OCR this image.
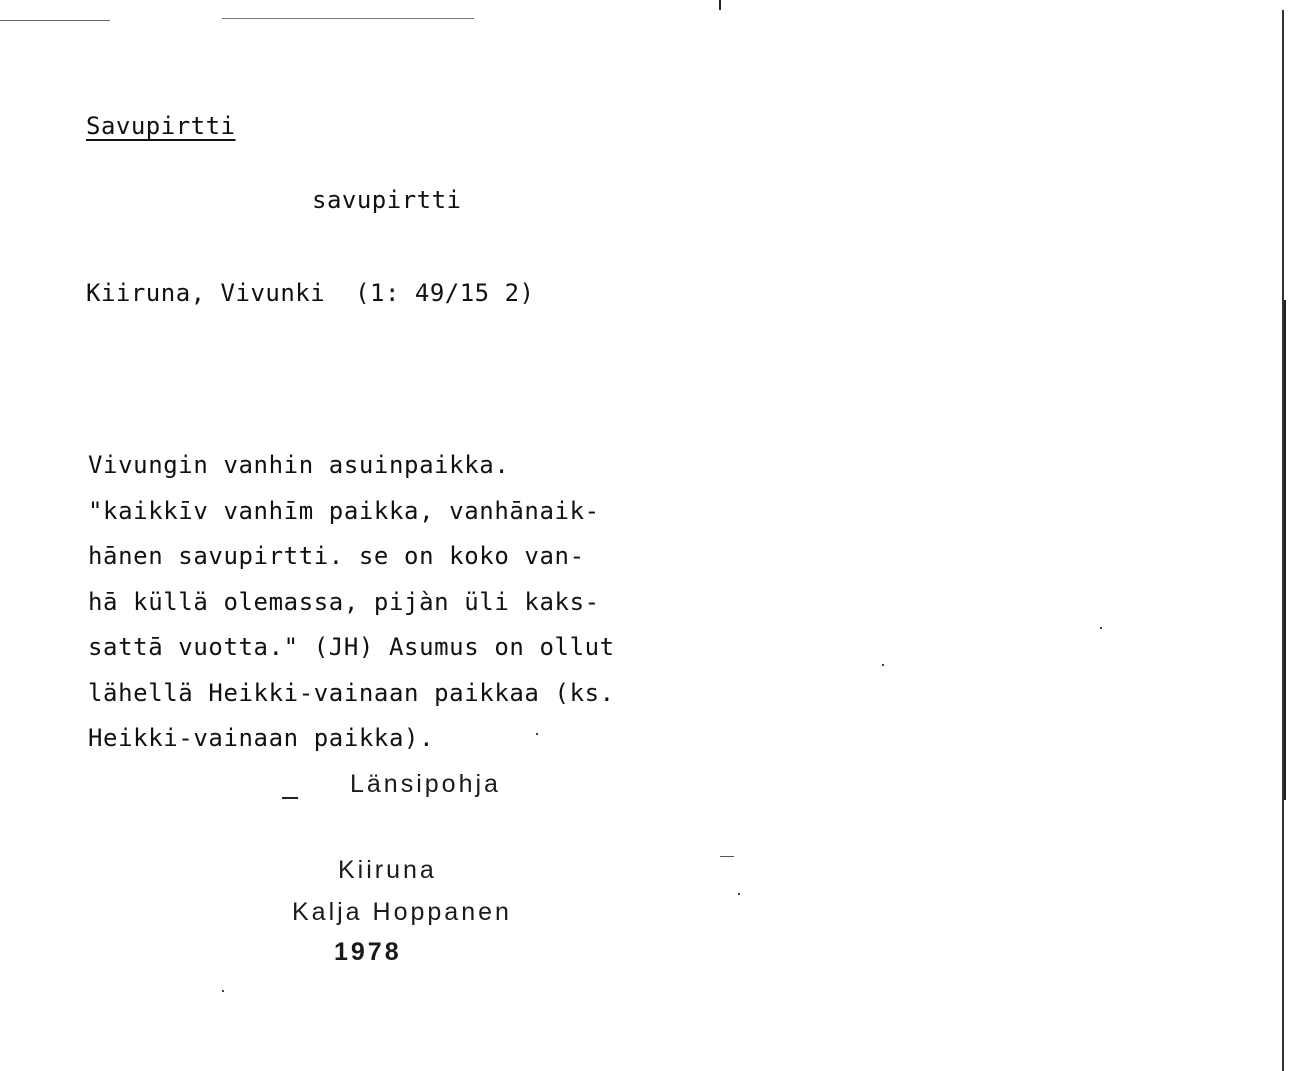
Savupirtti
savupirtti
Kiiruna, Vivunki  (1: 49/15 2)
Vivungin vanhin asuinpaikka.
"kaikkīv vanhīm paikka, vanhānaik-
hānen savupirtti. se on koko van-
hā küllä olemassa, pijàn üli kaks-
sattā vuotta." (JH) Asumus on ollut
lähellä Heikki-vainaan paikkaa (ks.
Heikki-vainaan paikka).
Länsipohja
Kiiruna
Kalja Hoppanen
1978
